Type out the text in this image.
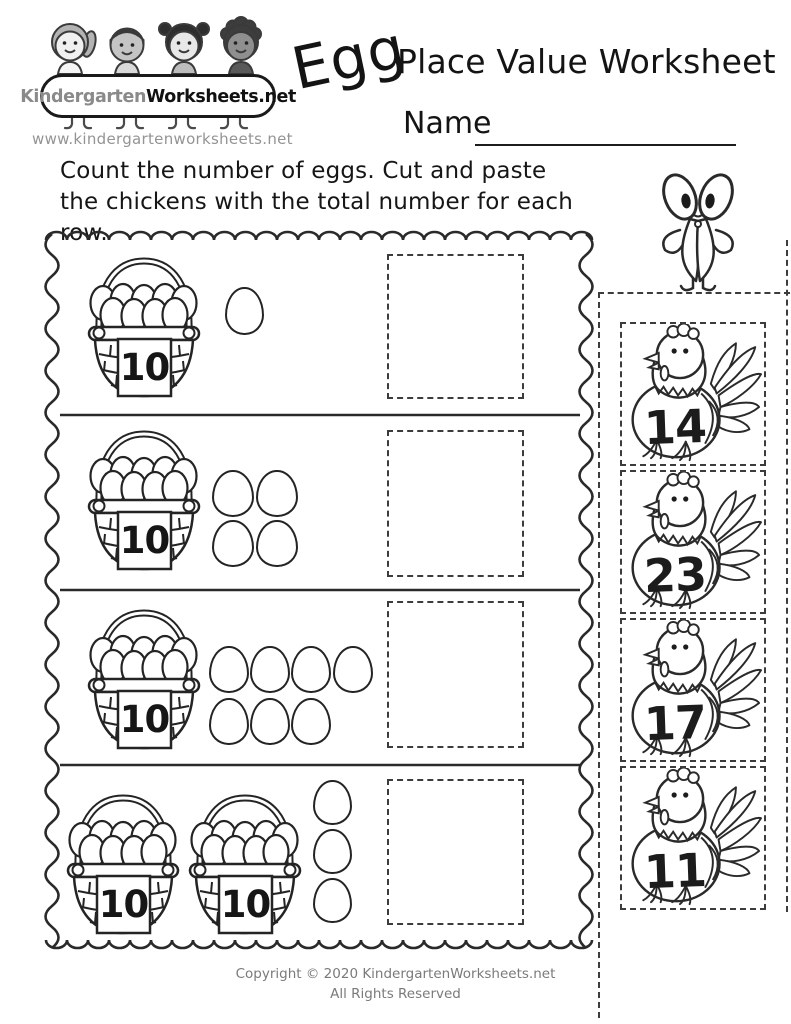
KindergartenWorksheets.net
www.kindergartenworksheets.net
Egg
Place Value Worksheet
Name
Count the number of eggs. Cut and paste
the chickens with the total number for each row.
10
10
10
10 10
14
23
17
11
Copyright © 2020 KindergartenWorksheets.net
All Rights Reserved
